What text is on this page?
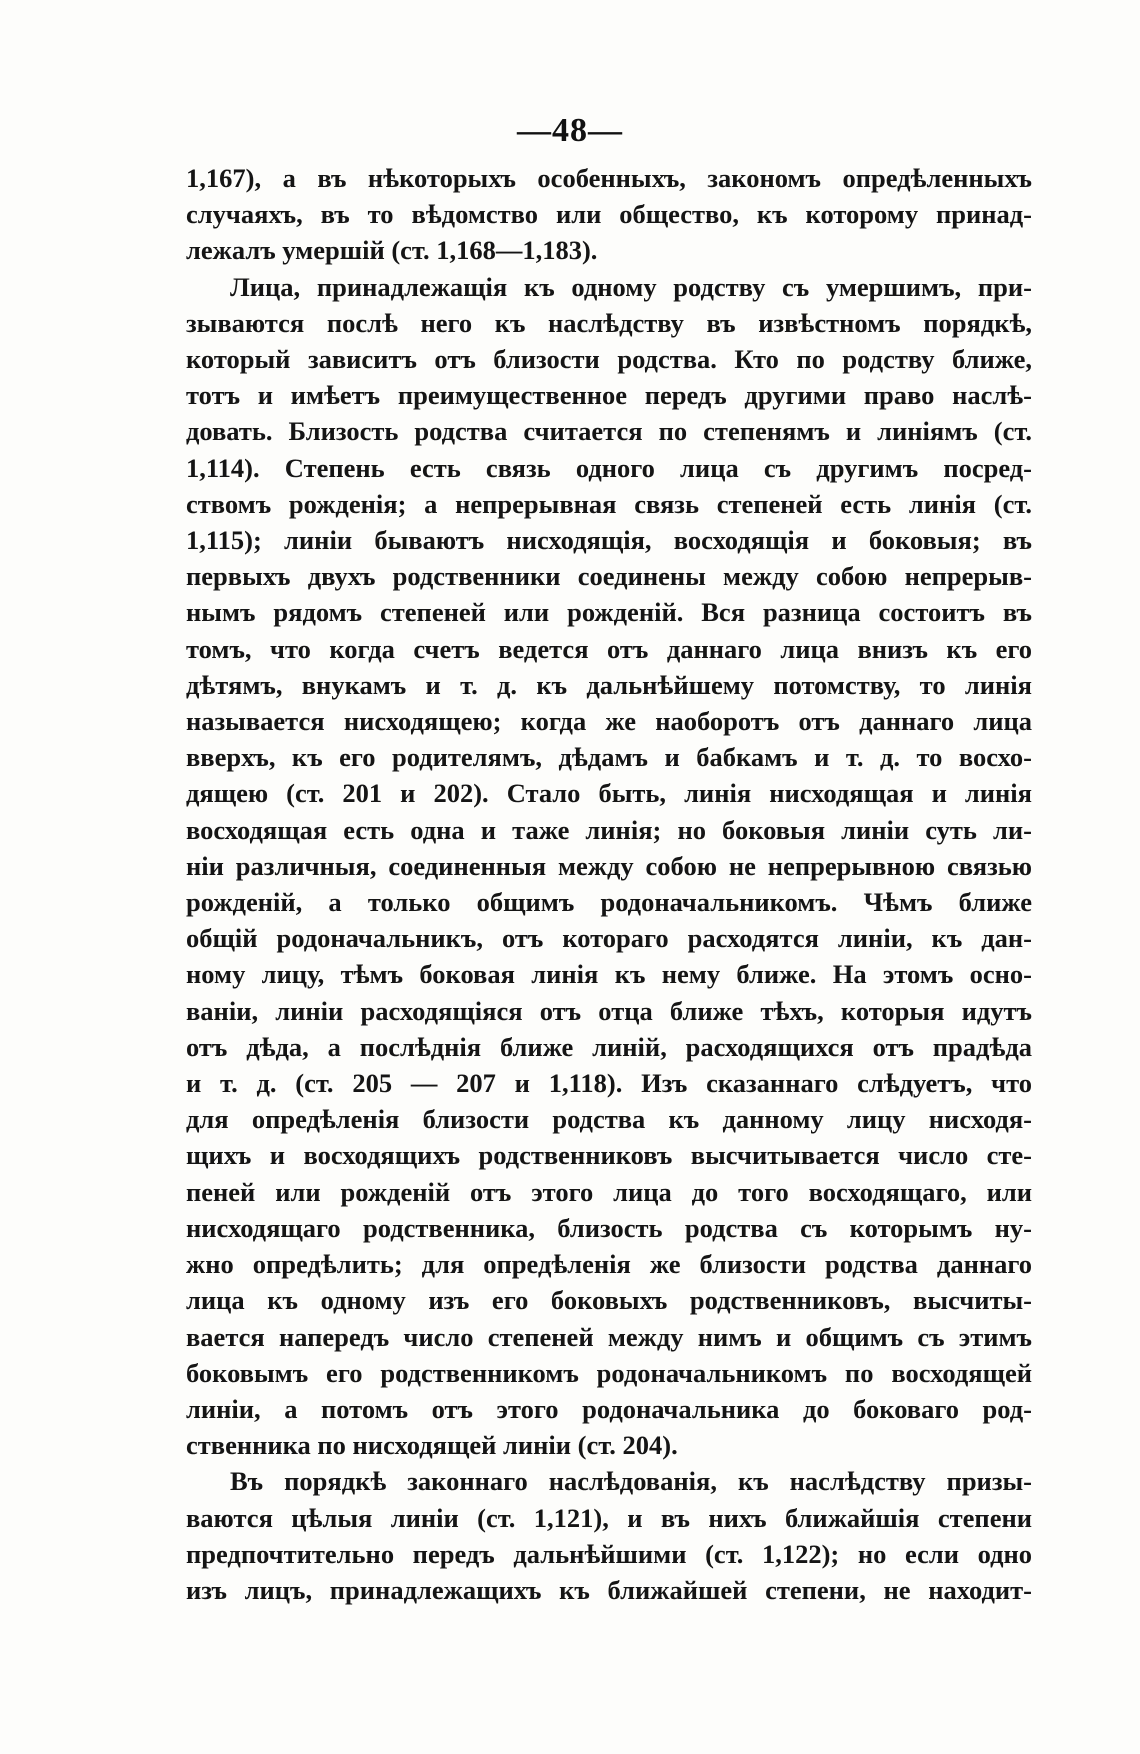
—48—
1,167), а въ нѣкоторыхъ особенныхъ, закономъ опредѣленныхъ
случаяхъ, въ то вѣдомство или общество, къ которому принад-
лежалъ умершій (ст. 1,168—1,183).
Лица, принадлежащія къ одному родству съ умершимъ, при-
зываются послѣ него къ наслѣдству въ извѣстномъ порядкѣ,
который зависитъ отъ близости родства. Кто по родству ближе,
тотъ и имѣетъ преимущественное передъ другими право наслѣ-
довать. Близость родства считается по степенямъ и линіямъ (ст.
1,114). Степень есть связь одного лица съ другимъ посред-
ствомъ рожденія; а непрерывная связь степеней есть линія (ст.
1,115); линіи бываютъ нисходящія, восходящія и боковыя; въ
первыхъ двухъ родственники соединены между собою непрерыв-
нымъ рядомъ степеней или рожденій. Вся разница состоитъ въ
томъ, что когда счетъ ведется отъ даннаго лица внизъ къ его
дѣтямъ, внукамъ и т. д. къ дальнѣйшему потомству, то линія
называется нисходящею; когда же наоборотъ отъ даннаго лица
вверхъ, къ его родителямъ, дѣдамъ и бабкамъ и т. д. то восхо-
дящею (ст. 201 и 202). Стало быть, линія нисходящая и линія
восходящая есть одна и таже линія; но боковыя линіи суть ли-
ніи различныя, соединенныя между собою не непрерывною связью
рожденій, а только общимъ родоначальникомъ. Чѣмъ ближе
общій родоначальникъ, отъ котораго расходятся линіи, къ дан-
ному лицу, тѣмъ боковая линія къ нему ближе. На этомъ осно-
ваніи, линіи расходящіяся отъ отца ближе тѣхъ, которыя идутъ
отъ дѣда, а послѣднія ближе линій, расходящихся отъ прадѣда
и т. д. (ст. 205 — 207 и 1,118). Изъ сказаннаго слѣдуетъ, что
для опредѣленія близости родства къ данному лицу нисходя-
щихъ и восходящихъ родственниковъ высчитывается число сте-
пеней или рожденій отъ этого лица до того восходящаго, или
нисходящаго родственника, близость родства съ которымъ ну-
жно опредѣлить; для опредѣленія же близости родства даннаго
лица къ одному изъ его боковыхъ родственниковъ, высчиты-
вается напередъ число степеней между нимъ и общимъ съ этимъ
боковымъ его родственникомъ родоначальникомъ по восходящей
линіи, а потомъ отъ этого родоначальника до боковаго род-
ственника по нисходящей линіи (ст. 204).
Въ порядкѣ законнаго наслѣдованія, къ наслѣдству призы-
ваются цѣлыя линіи (ст. 1,121), и въ нихъ ближайшія степени
предпочтительно передъ дальнѣйшими (ст. 1,122); но если одно
изъ лицъ, принадлежащихъ къ ближайшей степени, не находит-
